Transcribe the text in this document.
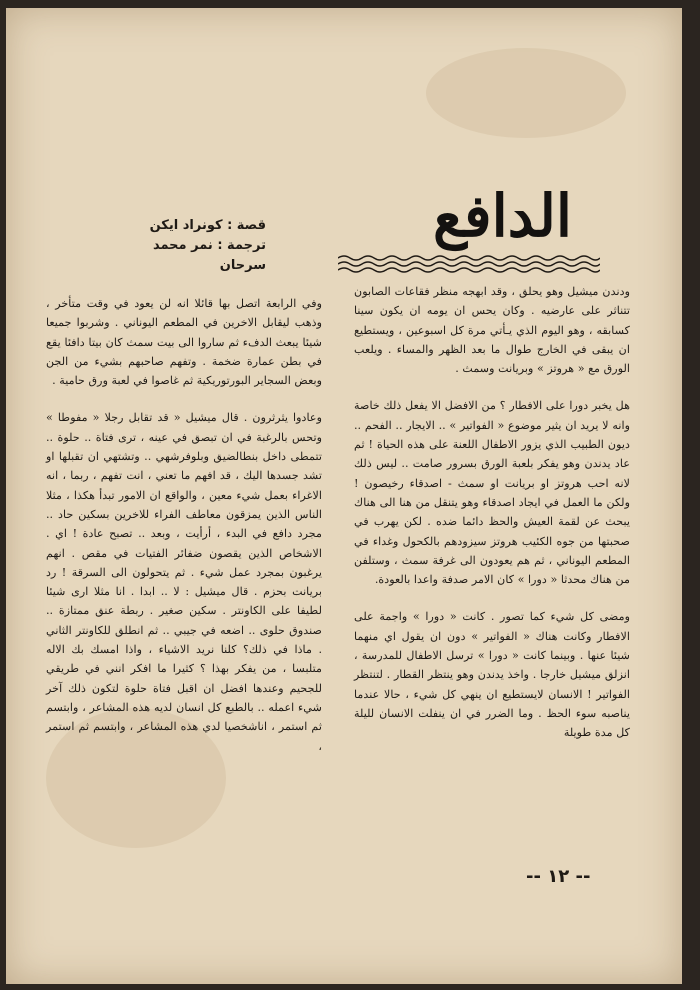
الدافع
قصة : كونراد ايكن
ترجمة : نمر محمد سرحان

ودندن ميشيل وهو يحلق ، وقد ابهجه منظر فقاعات الصابون تتناثر على عارضيه . وكان يحس ان يومه ان يكون سينا كسابقه ، وهو اليوم الذي يـأتي مرة كل اسبوعين ، ويستطيع ان يبقى في الخارج طوال ما بعد الظهر والمساء . ويلعب الورق مع « هروتز » وبريانت وسمث .

هل يخبر دورا على الافطار ؟ من الافضل الا يفعل ذلك خاصة وانه لا يريد ان يثير موضوع « الفواتير » .. الايجار .. الفحم .. ديون الطبيب الذي يزور الاطفال اللعنة على هذه الحياة ! ثم عاد يدندن وهو يفكر بلعبة الورق بسرور صامت .. ليس ذلك لانه احب هروتز او بريانت او سمث - اصدقاء رخيصون ! ولكن ما العمل في ايجاد اصدقاء وهو يتنقل من هنا الى هناك يبحث عن لقمة العيش والحظ دائما ضده . لكن يهرب في صحبتها من جوه الكئيب هروتز سيزودهم بالكحول وغداء في المطعم اليوناني ، ثم هم يعودون الى غرفة سمث ، وستلفن من هناك محدثا « دورا » كان الامر صدفة واعدا بالعودة.

ومضى كل شيء كما تصور . كانت « دورا » واجمة على الافطار وكانت هناك « الفواتير » دون ان يقول اي منهما شيئا عنها . وبينما كانت « دورا » ترسل الاطفال للمدرسة ، انزلق ميشيل خارجا . واخذ يدندن وهو ينتظر القطار . لتنتظر الفواتير ! الانسان لايستطيع ان ينهي كل شيء ، حالا عندما يناصبه سوء الحظ . وما الضرر في ان ينفلت الانسان لليلة كل مدة طويلة

وفي الرابعة اتصل بها قائلا انه لن يعود في وقت متأخر ، وذهب ليقابل الاخرين في المطعم اليوناني . وشربوا جميعا شيئا يبعث الدفء ثم ساروا الى بيت سمث كان بيتا دافئا يقع في بطن عمارة ضخمة . وتفهم صاحبهم بشيء من الجن وبعض السجاير البورتوريكية ثم غاصوا في لعبة ورق حامية .

وعادوا يثرثرون . قال ميشيل « قد تقابل رجلا « مفوطا » وتحس بالرغبة في ان تبصق في عينه ، ترى فتاة .. حلوة .. تتمطى داخل بنطالضيق وبلوفرشهي .. وتشتهي ان تقبلها او تشد جسدها اليك ، قد افهم ما تعني ، انت تفهم ، ربما ، انه الاغراء بعمل شيء معين ، والواقع ان الامور تبدأ هكذا ، مثلا الناس الذين يمزقون معاطف الفراء للاخرين بسكين حاد .. مجرد دافع في البدء ، أرأيت ، وبعد .. تصبح عادة ! اي . الاشخاص الذين يقصون ضفائر الفتيات في مقص . انهم يرغبون بمجرد عمل شيء . ثم يتحولون الى السرقة ! رد بريانت بحزم . قال ميشيل : لا .. ابدا . انا مثلا ارى شيئا لطيفا على الكاونتر . سكين صغير . ربطة عنق ممتازة .. صندوق حلوى .. اضعه في جيبي .. ثم انطلق للكاونتر الثاني . ماذا في ذلك؟ كلنا نريد الاشياء ، واذا امسك بك الاله متلبسا ، من يفكر بهذا ؟ كثيرا ما افكر انني في طريقي للجحيم وعندها افضل ان اقبل فتاة حلوة لتكون ذلك آخر شيء اعمله .. بالطبع كل انسان لديه هذه المشاعر ، وابتسم ثم استمر ، اناشخصيا لدي هذه المشاعر ، وابتسم ثم استمر ،

-- ١٢ --
